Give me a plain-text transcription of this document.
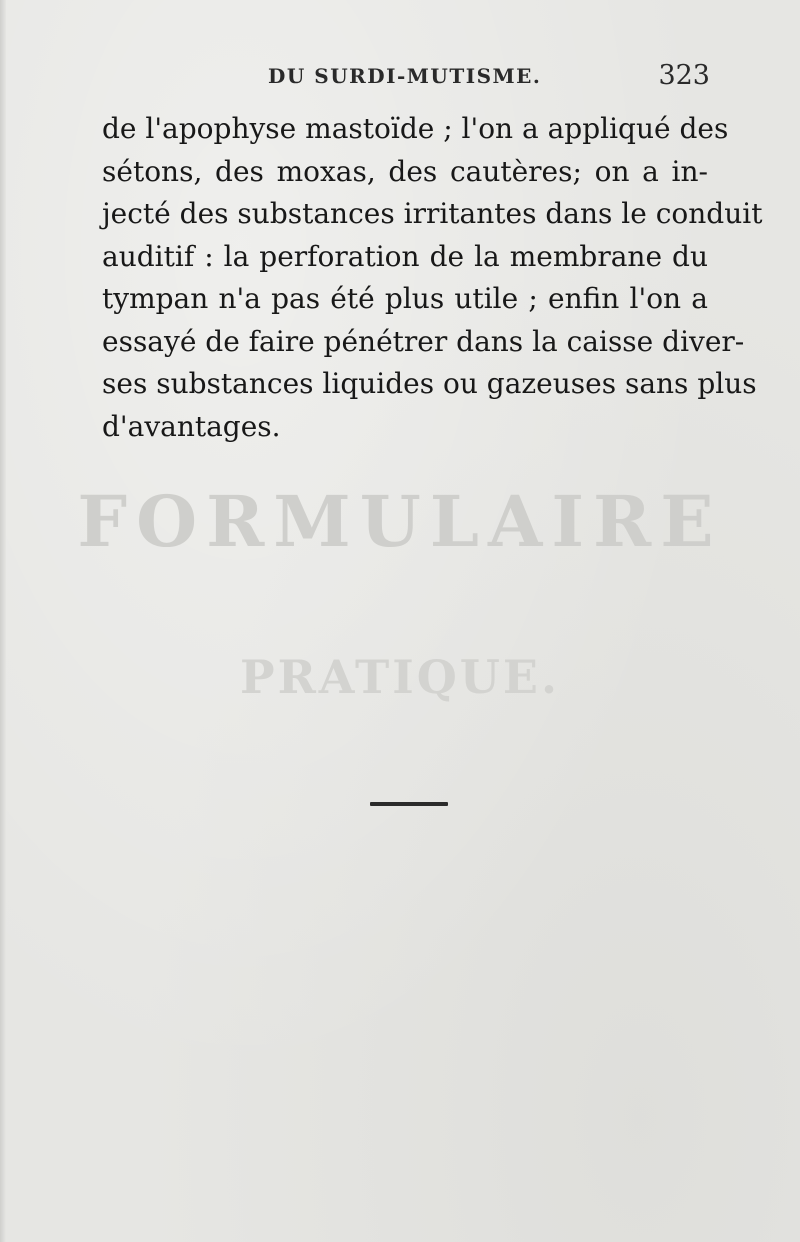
DU SURDI-MUTISME.	323
de l'apophyse mastoïde ; l'on a appliqué des
sétons, des moxas, des cautères; on a in-
jecté des substances irritantes dans le conduit
auditif : la perforation de la membrane du
tympan n'a pas été plus utile ; enfin l'on a
essayé de faire pénétrer dans la caisse diver-
ses substances liquides ou gazeuses sans plus
d'avantages.
FORMULAIRE
PRATIQUE.
